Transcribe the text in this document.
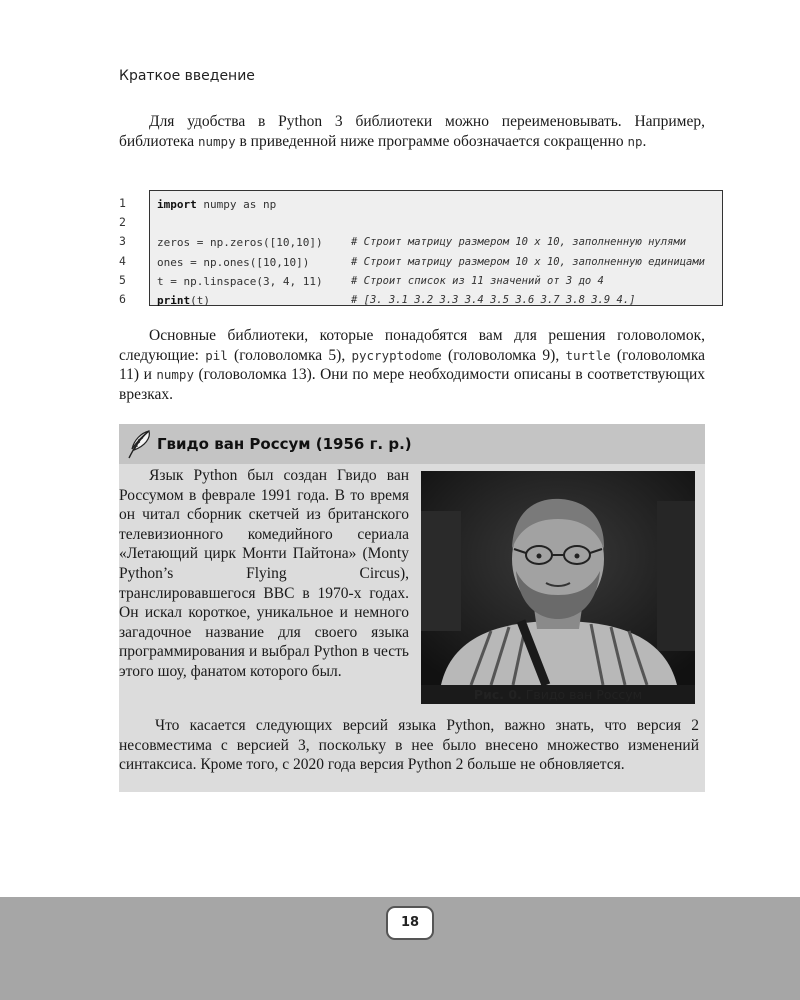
Краткое введение
Для удобства в Python 3 библиотеки можно переименовывать. Например, библиотека numpy в приведенной ниже программе обозначается сокращенно np.
1
2
3
4
5
6
import numpy as np
zeros = np.zeros([10,10])	# Строит матрицу размером 10 x 10, заполненную нулями
ones = np.ones([10,10])	# Строит матрицу размером 10 x 10, заполненную единицами
t = np.linspace(3, 4, 11)	# Строит список из 11 значений от 3 до 4
print(t)	# [3. 3.1 3.2 3.3 3.4 3.5 3.6 3.7 3.8 3.9 4.]
Основные библиотеки, которые понадобятся вам для решения головоломок, следующие: pil (головоломка 5), pycryptodome (головоломка 9), turtle (головоломка 11) и numpy (головоломка 13). Они по мере необходимости описаны в соответствующих врезках.
Гвидо ван Россум (1956 г. р.)
Язык Python был создан Гвидо ван Россумом в феврале 1991 года. В то время он читал сборник скетчей из британского телевизионного комедийного сериала «Летающий цирк Монти Пайтона» (Monty Python’s Flying Circus), транслировавшегося BBC в 1970-х годах. Он искал короткое, уникальное и немного загадочное название для своего языка программирования и выбрал Python в честь этого шоу, фанатом которого был.
Рис. 0. Гвидо ван Россум
Что касается следующих версий языка Python, важно знать, что версия 2 несовместима с версией 3, поскольку в нее было внесено множество изменений синтаксиса. Кроме того, с 2020 года версия Python 2 больше не обновляется.
18
